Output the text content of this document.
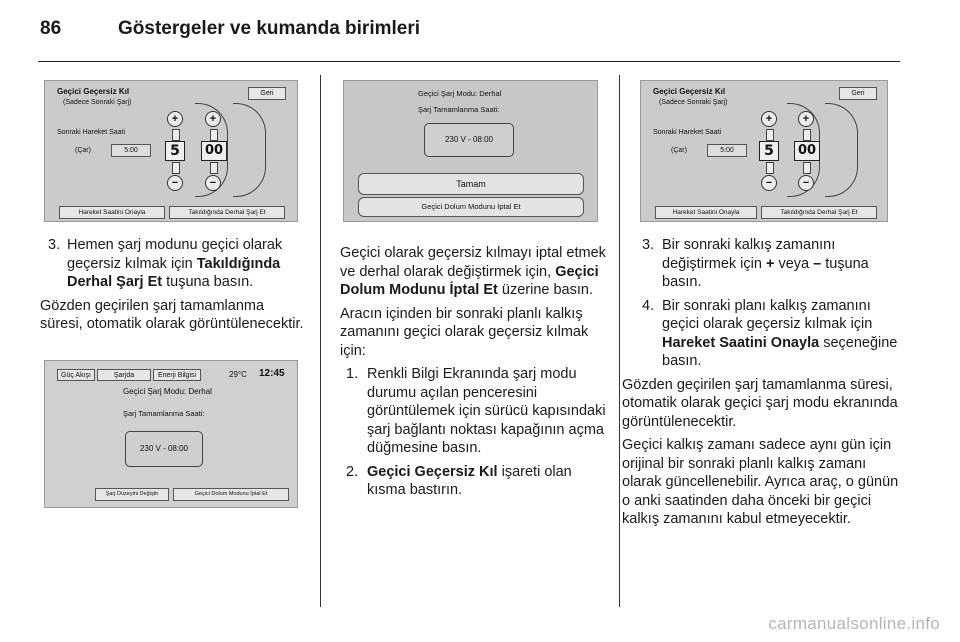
86	Göstergeler ve kumanda birimleri
Geçici Geçersiz Kıl
(Sadece Sonraki Şarj)
Geri
Sonraki Hareket Saati
(Çar)	5:00
+
5
−
+
00
−
Hareket Saatini Onayla	Takıldığında Derhal Şarj Et
3. Hemen şarj modunu geçici olarak geçersiz kılmak için Takıldığında Derhal Şarj Et tuşuna basın.

Gözden geçirilen şarj tamamlanma süresi, otomatik olarak görüntülenecektir.

Güç Akışı	Şarjda	Enerji Bilgisi	29°C 12:45
Geçici Şarj Modu: Derhal
Şarj Tamamlanma Saati:
230 V - 08:00
Şarj Düzeyini Değiştir	Geçici Dolum Modunu İptal Et
Geçici Şarj Modu: Derhal
Şarj Tamamlanma Saati:
230 V - 08:00
Tamam
Geçici Dolum Modunu İptal Et

Geçici olarak geçersiz kılmayı iptal etmek ve derhal olarak değiştirmek için, Geçici Dolum Modunu İptal Et üzerine basın.

Aracın içinden bir sonraki planlı kalkış zamanını geçici olarak geçersiz kılmak için:

1. Renkli Bilgi Ekranında şarj modu durumu açılan penceresini görüntülemek için sürücü kapısındaki şarj bağlantı noktası kapağının açma düğmesine basın.
2. Geçici Geçersiz Kıl işareti olan kısma bastırın.
Geçici Geçersiz Kıl
(Sadece Sonraki Şarj)
Geri
Sonraki Hareket Saati
(Çar)	5:00
+
5
−
+
00
−
Hareket Saatini Onayla	Takıldığında Derhal Şarj Et
3. Bir sonraki kalkış zamanını değiştirmek için + veya – tuşuna basın.
4. Bir sonraki planı kalkış zamanını geçici olarak geçersiz kılmak için Hareket Saatini Onayla seçeneğine basın.

Gözden geçirilen şarj tamamlanma süresi, otomatik olarak geçici şarj modu ekranında görüntülenecektir.

Geçici kalkış zamanı sadece aynı gün için orijinal bir sonraki planlı kalkış zamanı olarak güncellenebilir. Ayrıca araç, o günün o anki saatinden daha önceki bir geçici kalkış zamanını kabul etmeyecektir.

carmanualsonline.info
